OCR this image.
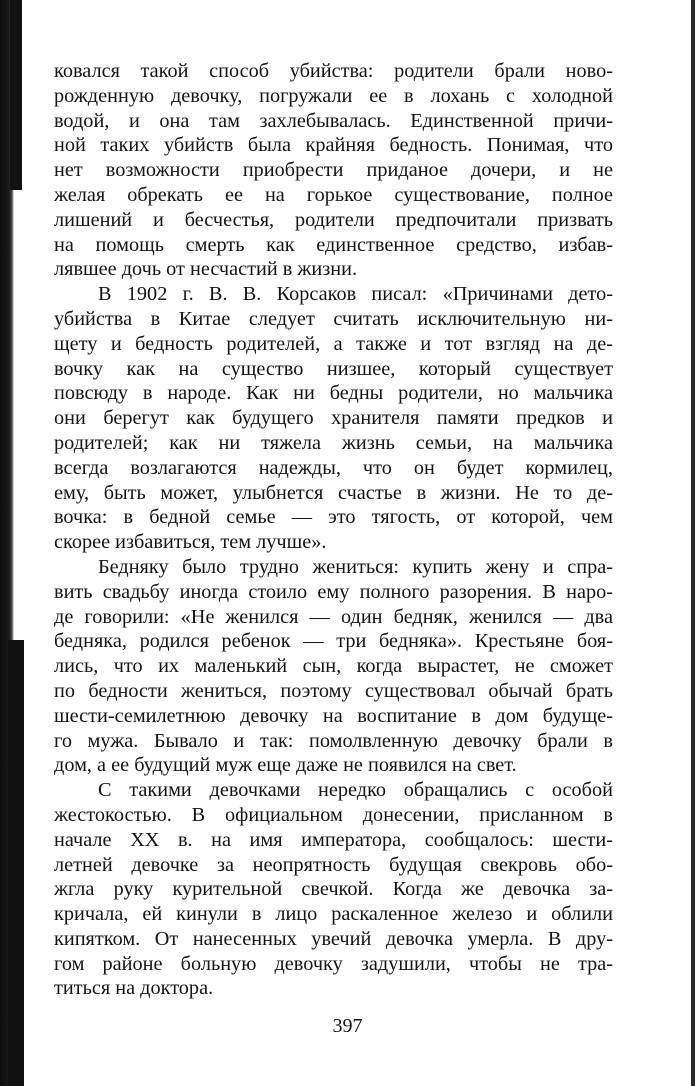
ковался такой способ убийства: родители брали ново-
рожденную девочку, погружали ее в лохань с холодной
водой, и она там захлебывалась. Единственной причи-
ной таких убийств была крайняя бедность. Понимая, что
нет возможности приобрести приданое дочери, и не
желая обрекать ее на горькое существование, полное
лишений и бесчестья, родители предпочитали призвать
на помощь смерть как единственное средство, избав-
лявшее дочь от несчастий в жизни.
В 1902 г. В. В. Корсаков писал: «Причинами дето-
убийства в Китае следует считать исключительную ни-
щету и бедность родителей, а также и тот взгляд на де-
вочку как на существо низшее, который существует
повсюду в народе. Как ни бедны родители, но мальчика
они берегут как будущего хранителя памяти предков и
родителей; как ни тяжела жизнь семьи, на мальчика
всегда возлагаются надежды, что он будет кормилец,
ему, быть может, улыбнется счастье в жизни. Не то де-
вочка: в бедной семье — это тягость, от которой, чем
скорее избавиться, тем лучше».
Бедняку было трудно жениться: купить жену и спра-
вить свадьбу иногда стоило ему полного разорения. В наро-
де говорили: «Не женился — один бедняк, женился — два
бедняка, родился ребенок — три бедняка». Крестьяне боя-
лись, что их маленький сын, когда вырастет, не сможет
по бедности жениться, поэтому существовал обычай брать
шести-семилетнюю девочку на воспитание в дом будуще-
го мужа. Бывало и так: помолвленную девочку брали в
дом, а ее будущий муж еще даже не появился на свет.
С такими девочками нередко обращались с особой
жестокостью. В официальном донесении, присланном в
начале XX в. на имя императора, сообщалось: шести-
летней девочке за неопрятность будущая свекровь обо-
жгла руку курительной свечкой. Когда же девочка за-
кричала, ей кинули в лицо раскаленное железо и облили
кипятком. От нанесенных увечий девочка умерла. В дру-
гом районе больную девочку задушили, чтобы не тра-
титься на доктора.
397
